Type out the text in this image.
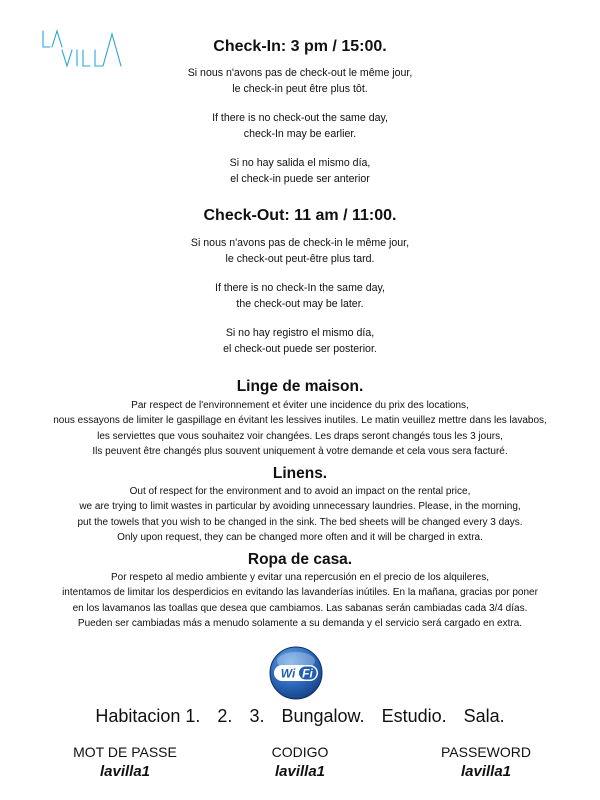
Check-In: 3 pm / 15:00.
Si nous n'avons pas de check-out le même jour,
le check-in peut être plus tôt.
If there is no check-out the same day,
check-In may be earlier.
Si no hay salida el mismo día,
el check-in puede ser anterior
Check-Out: 11 am / 11:00.
Si nous n'avons pas de check-in le même jour,
le check-out peut-être plus tard.
If there is no check-In the same day,
the check-out may be later.
Si no hay registro el mismo día,
el check-out puede ser posterior.
Linge de maison.
Par respect de l'environnement et éviter une incidence du prix des locations,
nous essayons de limiter le gaspillage en évitant les lessives inutiles. Le matin veuillez mettre dans les lavabos,
les serviettes que vous souhaitez voir changées. Les draps seront changés tous les 3 jours,
Ils peuvent être changés plus souvent uniquement à votre demande et cela vous sera facturé.
Linens.
Out of respect for the environment and to avoid an impact on the rental price,
we are trying to limit wastes in particular by avoiding unnecessary laundries. Please, in the morning,
put the towels that you wish to be changed in the sink. The bed sheets will be changed every 3 days.
Only upon request, they can be changed more often and it will be charged in extra.
Ropa de casa.
Por respeto al medio ambiente y evitar una repercusión en el precio de los alquileres,
intentamos de limitar los desperdicios en evitando las lavanderías inútiles. En la mañana, gracias por poner
en los lavamanos las toallas que desea que cambiamos. Las sabanas serán cambiadas cada 3/4 días.
Pueden ser cambiadas más a menudo solamente a su demanda y el servicio será cargado en extra.
Wi Fi
Habitacion 1. 2. 3. Bungalow. Estudio. Sala.
MOT DE PASSE
lavilla1
CODIGO
lavilla1
PASSEWORD
lavilla1
